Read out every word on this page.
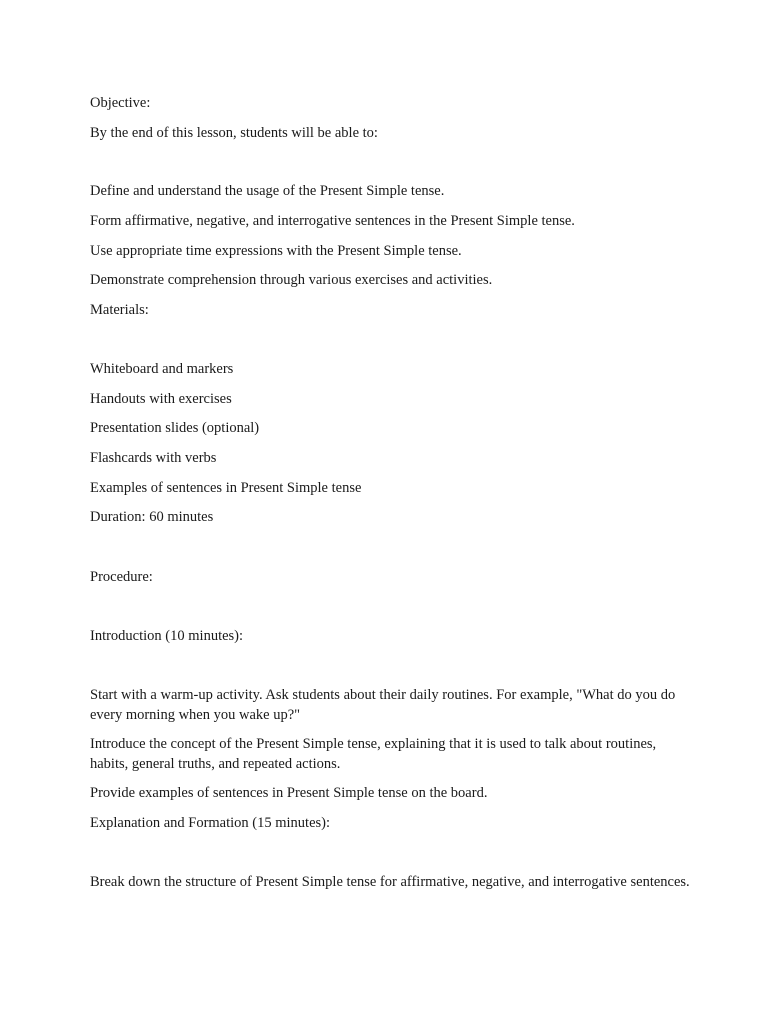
Objective:
By the end of this lesson, students will be able to:
Define and understand the usage of the Present Simple tense.
Form affirmative, negative, and interrogative sentences in the Present Simple tense.
Use appropriate time expressions with the Present Simple tense.
Demonstrate comprehension through various exercises and activities.
Materials:
Whiteboard and markers
Handouts with exercises
Presentation slides (optional)
Flashcards with verbs
Examples of sentences in Present Simple tense
Duration: 60 minutes
Procedure:
Introduction (10 minutes):
Start with a warm-up activity. Ask students about their daily routines. For example, "What do you do every morning when you wake up?"
Introduce the concept of the Present Simple tense, explaining that it is used to talk about routines, habits, general truths, and repeated actions.
Provide examples of sentences in Present Simple tense on the board.
Explanation and Formation (15 minutes):
Break down the structure of Present Simple tense for affirmative, negative, and interrogative sentences.
